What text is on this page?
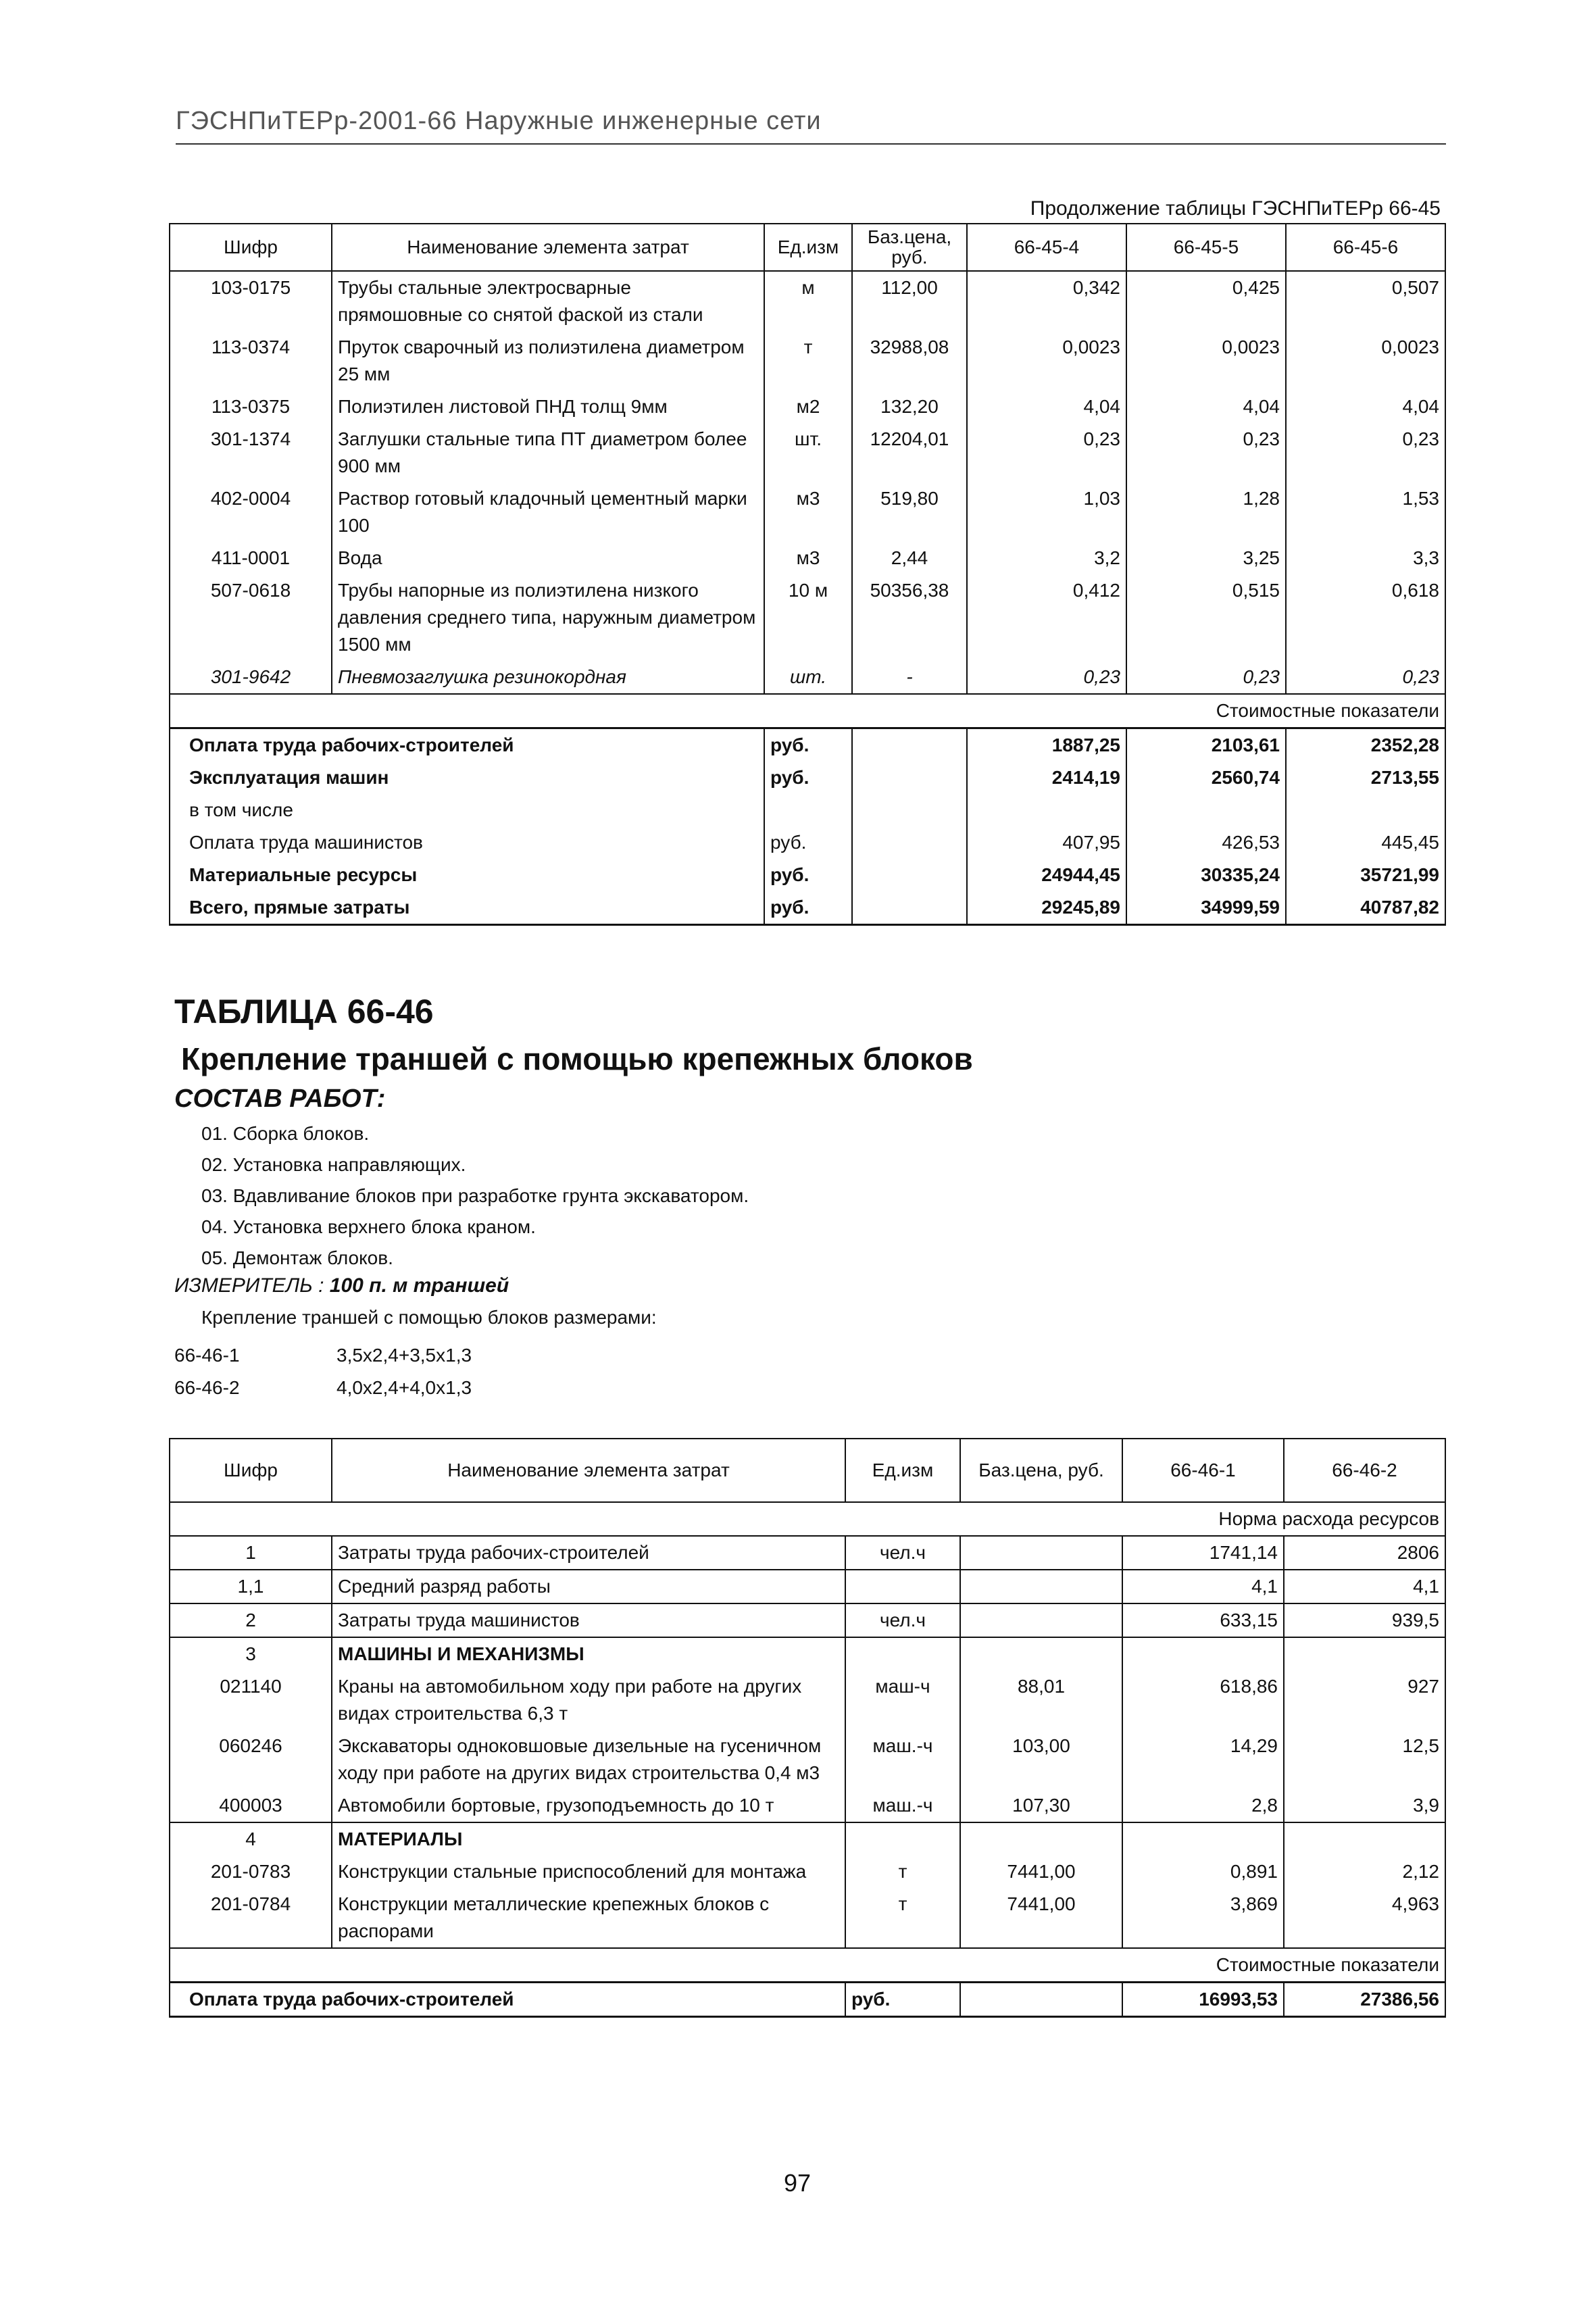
ГЭСНПиТЕРр-2001-66 Наружные инженерные сети
Продолжение таблицы ГЭСНПиТЕРр 66-45
Шифр	Наименование элемента затрат	Ед.изм	Баз.цена, руб.	66-45-4	66-45-5	66-45-6
103-0175	Трубы стальные электросварные прямошовные со снятой фаской из стали	м	112,00	0,342	0,425	0,507
113-0374	Пруток сварочный из полиэтилена диаметром 25 мм	т	32988,08	0,0023	0,0023	0,0023
113-0375	Полиэтилен листовой ПНД толщ 9мм	м2	132,20	4,04	4,04	4,04
301-1374	Заглушки стальные типа ПТ диаметром более 900 мм	шт.	12204,01	0,23	0,23	0,23
402-0004	Раствор готовый кладочный цементный марки 100	м3	519,80	1,03	1,28	1,53
411-0001	Вода	м3	2,44	3,2	3,25	3,3
507-0618	Трубы напорные из полиэтилена низкого давления среднего типа, наружным диаметром 1500 мм	10 м	50356,38	0,412	0,515	0,618
301-9642	Пневмозаглушка резинокордная	шт.	-	0,23	0,23	0,23
Стоимостные показатели						
Оплата труда рабочих-строителей		руб.		1887,25	2103,61	2352,28
Эксплуатация машин		руб.		2414,19	2560,74	2713,55
в том числе						
Оплата труда машинистов		руб.		407,95	426,53	445,45
Материальные ресурсы		руб.		24944,45	30335,24	35721,99
Всего, прямые затраты		руб.		29245,89	34999,59	40787,82
ТАБЛИЦА 66-46
Крепление траншей с помощью крепежных блоков
СОСТАВ РАБОТ:
01. Сборка блоков.
02. Установка направляющих.
03. Вдавливание блоков при разработке грунта экскаватором.
04. Установка верхнего блока краном.
05. Демонтаж блоков.
ИЗМЕРИТЕЛЬ : 100 п. м траншей
Крепление траншей с помощью блоков размерами:
66-46-1	3,5x2,4+3,5x1,3
66-46-2	4,0x2,4+4,0x1,3
Шифр	Наименование элемента затрат	Ед.изм	Баз.цена, руб.	66-46-1	66-46-2
Норма расхода ресурсов					
1	Затраты труда рабочих-строителей	чел.ч		1741,14	2806
1,1	Средний разряд работы			4,1	4,1
2	Затраты труда машинистов	чел.ч		633,15	939,5
3	МАШИНЫ И МЕХАНИЗМЫ				
021140	Краны на автомобильном ходу при работе на других видах строительства 6,3 т	маш-ч	88,01	618,86	927
060246	Экскаваторы одноковшовые дизельные на гусеничном ходу при работе на других видах строительства 0,4 м3	маш.-ч	103,00	14,29	12,5
400003	Автомобили бортовые, грузоподъемность до 10 т	маш.-ч	107,30	2,8	3,9
4	МАТЕРИАЛЫ				
201-0783	Конструкции стальные приспособлений для монтажа	т	7441,00	0,891	2,12
201-0784	Конструкции металлические крепежных блоков с распорами	т	7441,00	3,869	4,963
Стоимостные показатели					
Оплата труда рабочих-строителей		руб.		16993,53	27386,56
97
